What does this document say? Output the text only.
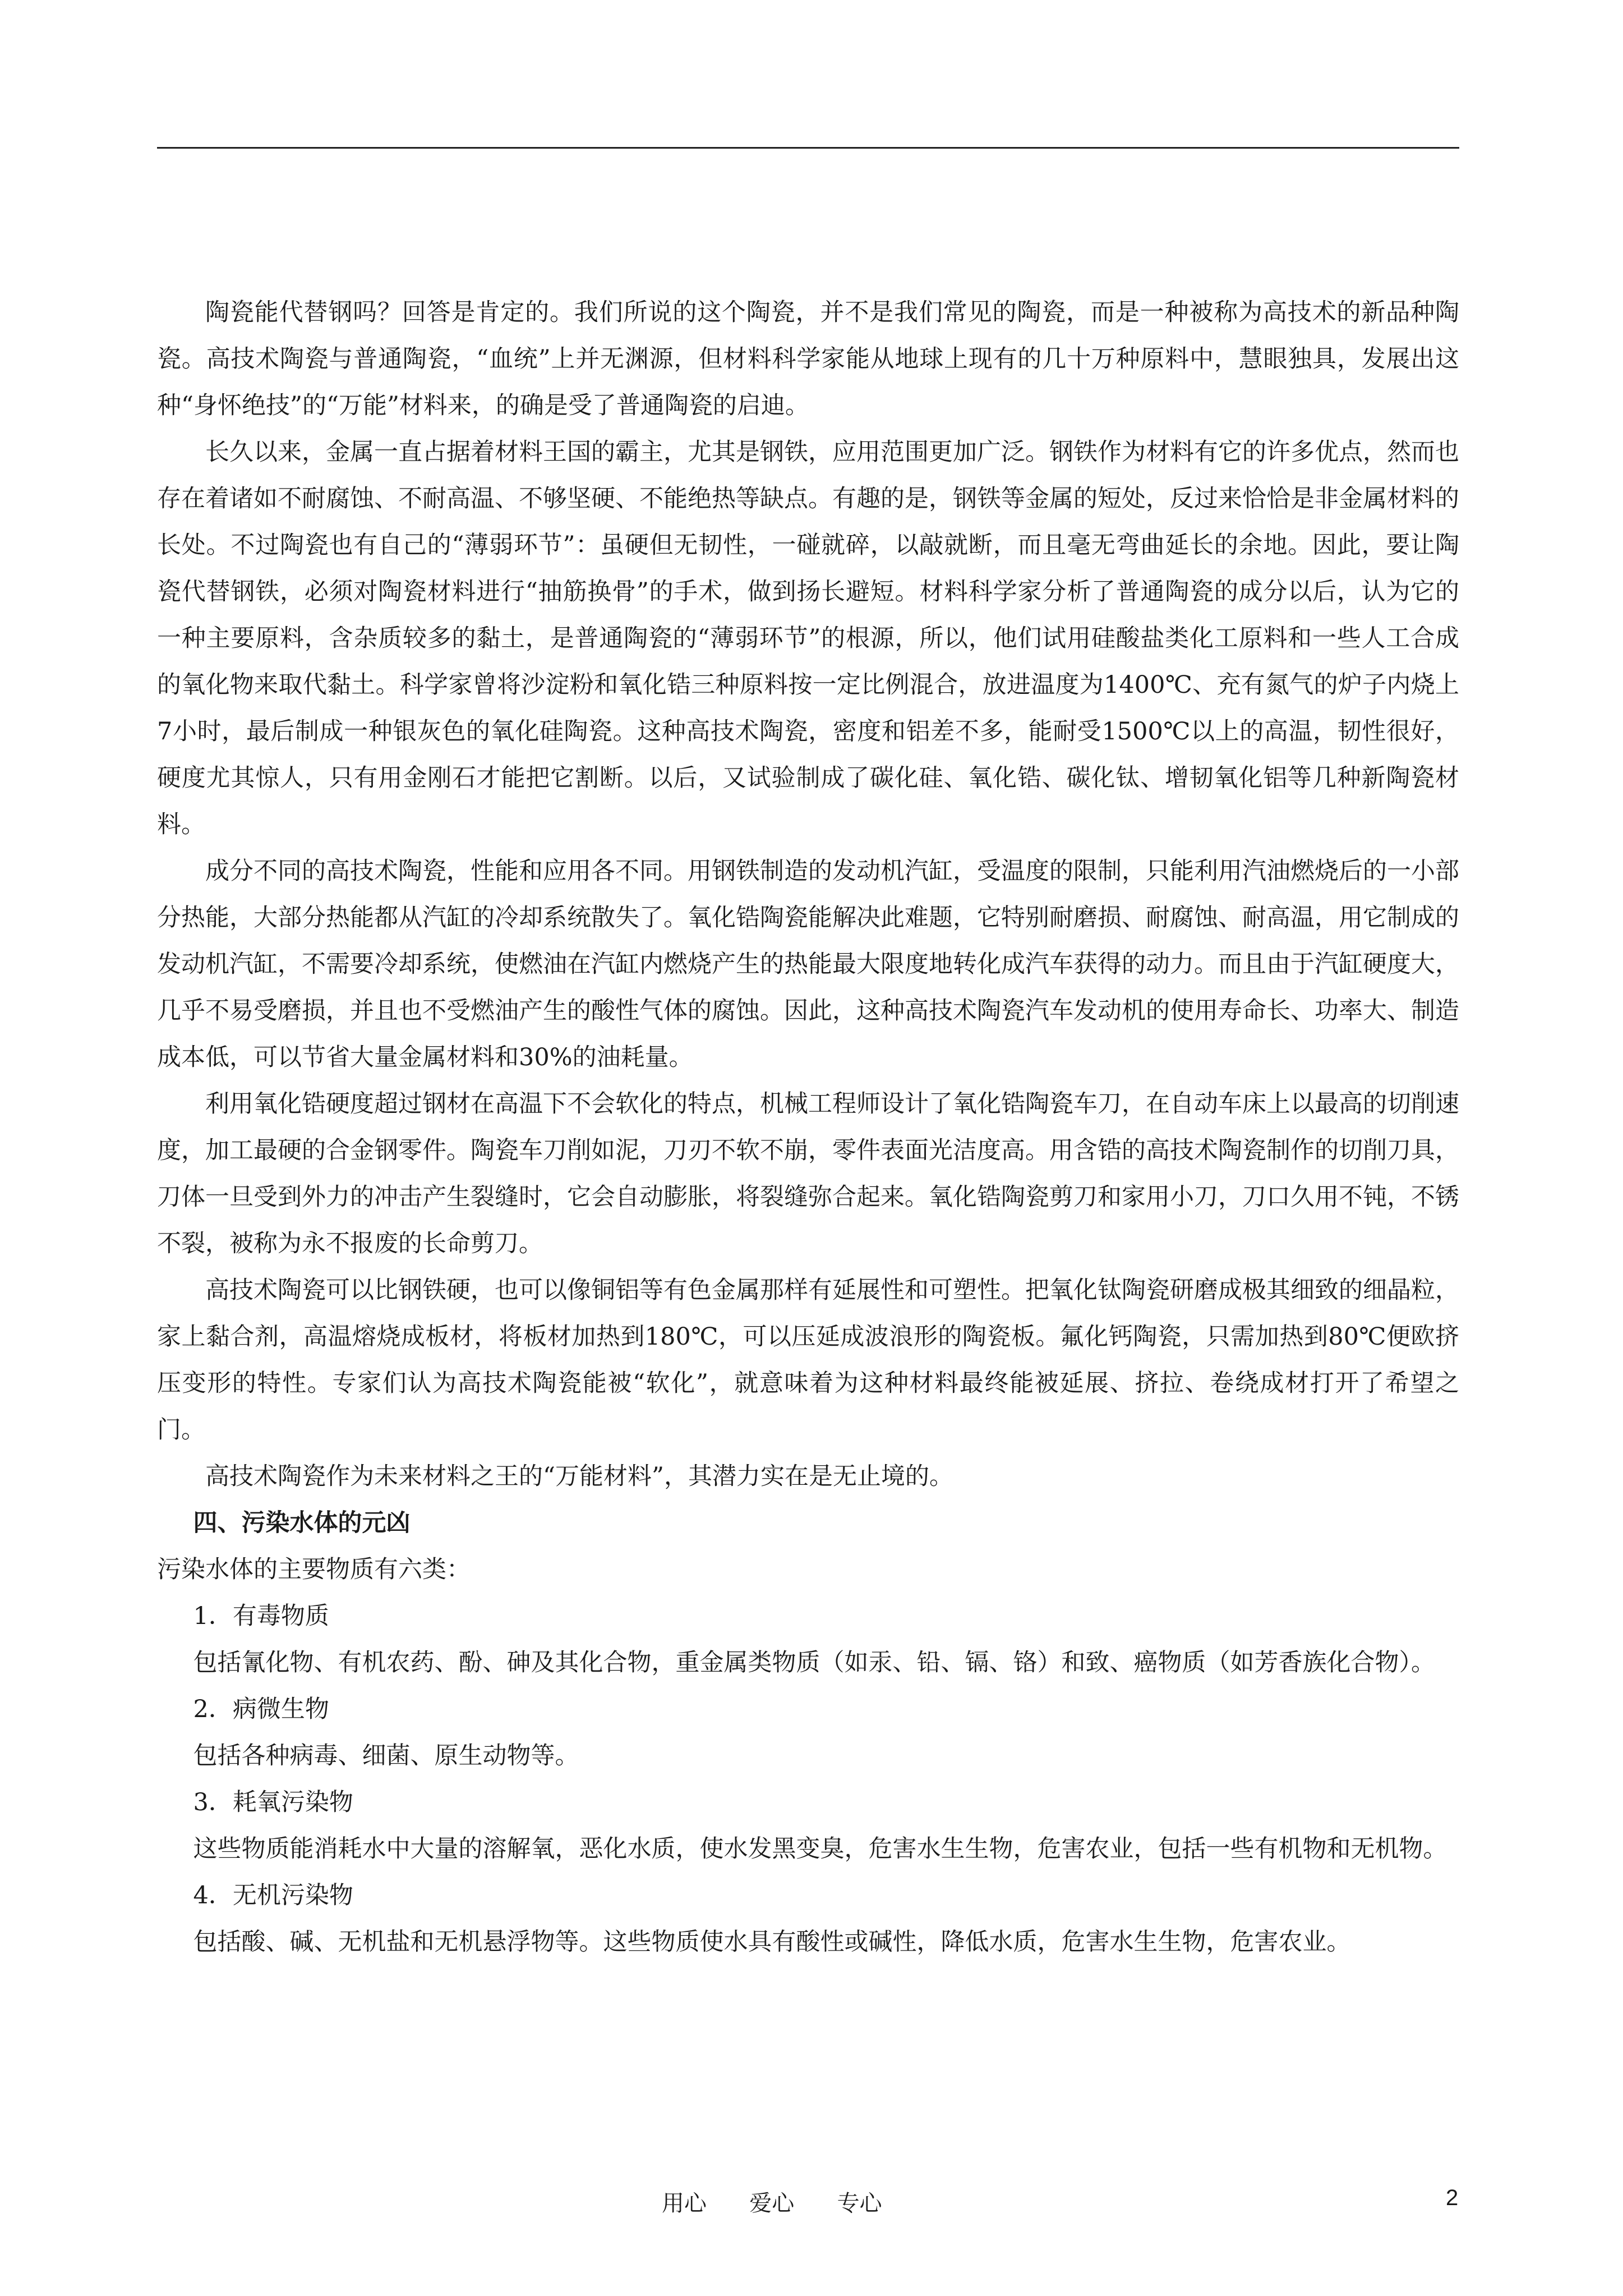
陶瓷能代替钢吗？回答是肯定的。我们所说的这个陶瓷，并不是我们常见的陶瓷，而是一种被称为高技术的新品种陶瓷。高技术陶瓷与普通陶瓷，“血统”上并无渊源，但材料科学家能从地球上现有的几十万种原料中，慧眼独具，发展出这种“身怀绝技”的“万能”材料来，的确是受了普通陶瓷的启迪。

长久以来，金属一直占据着材料王国的霸主，尤其是钢铁，应用范围更加广泛。钢铁作为材料有它的许多优点，然而也存在着诸如不耐腐蚀、不耐高温、不够坚硬、不能绝热等缺点。有趣的是，钢铁等金属的短处，反过来恰恰是非金属材料的长处。不过陶瓷也有自己的“薄弱环节”：虽硬但无韧性，一碰就碎，以敲就断，而且毫无弯曲延长的余地。因此，要让陶瓷代替钢铁，必须对陶瓷材料进行“抽筋换骨”的手术，做到扬长避短。材料科学家分析了普通陶瓷的成分以后，认为它的一种主要原料，含杂质较多的黏土，是普通陶瓷的“薄弱环节”的根源，所以，他们试用硅酸盐类化工原料和一些人工合成的氧化物来取代黏土。科学家曾将沙淀粉和氧化锆三种原料按一定比例混合，放进温度为1400℃、充有氮气的炉子内烧上7小时，最后制成一种银灰色的氧化硅陶瓷。这种高技术陶瓷，密度和铝差不多，能耐受1500℃以上的高温，韧性很好，硬度尤其惊人，只有用金刚石才能把它割断。以后，又试验制成了碳化硅、氧化锆、碳化钛、增韧氧化铝等几种新陶瓷材料。

成分不同的高技术陶瓷，性能和应用各不同。用钢铁制造的发动机汽缸，受温度的限制，只能利用汽油燃烧后的一小部分热能，大部分热能都从汽缸的冷却系统散失了。氧化锆陶瓷能解决此难题，它特别耐磨损、耐腐蚀、耐高温，用它制成的发动机汽缸，不需要冷却系统，使燃油在汽缸内燃烧产生的热能最大限度地转化成汽车获得的动力。而且由于汽缸硬度大，几乎不易受磨损，并且也不受燃油产生的酸性气体的腐蚀。因此，这种高技术陶瓷汽车发动机的使用寿命长、功率大、制造成本低，可以节省大量金属材料和30%的油耗量。

利用氧化锆硬度超过钢材在高温下不会软化的特点，机械工程师设计了氧化锆陶瓷车刀，在自动车床上以最高的切削速度，加工最硬的合金钢零件。陶瓷车刀削如泥，刀刃不软不崩，零件表面光洁度高。用含锆的高技术陶瓷制作的切削刀具，刀体一旦受到外力的冲击产生裂缝时，它会自动膨胀，将裂缝弥合起来。氧化锆陶瓷剪刀和家用小刀，刀口久用不钝，不锈不裂，被称为永不报废的长命剪刀。

高技术陶瓷可以比钢铁硬，也可以像铜铝等有色金属那样有延展性和可塑性。把氧化钛陶瓷研磨成极其细致的细晶粒，家上黏合剂，高温熔烧成板材，将板材加热到180℃，可以压延成波浪形的陶瓷板。氟化钙陶瓷，只需加热到80℃便欧挤压变形的特性。专家们认为高技术陶瓷能被“软化”，就意味着为这种材料最终能被延展、挤拉、卷绕成材打开了希望之门。

高技术陶瓷作为未来材料之王的“万能材料”，其潜力实在是无止境的。

四、污染水体的元凶

污染水体的主要物质有六类：

1．有毒物质

包括氰化物、有机农药、酚、砷及其化合物，重金属类物质（如汞、铅、镉、铬）和致、癌物质（如芳香族化合物）。

2．病微生物

包括各种病毒、细菌、原生动物等。

3．耗氧污染物

这些物质能消耗水中大量的溶解氧，恶化水质，使水发黑变臭，危害水生生物，危害农业，包括一些有机物和无机物。

4．无机污染物

包括酸、碱、无机盐和无机悬浮物等。这些物质使水具有酸性或碱性，降低水质，危害水生生物，危害农业。

用心      爱心      专心	2
